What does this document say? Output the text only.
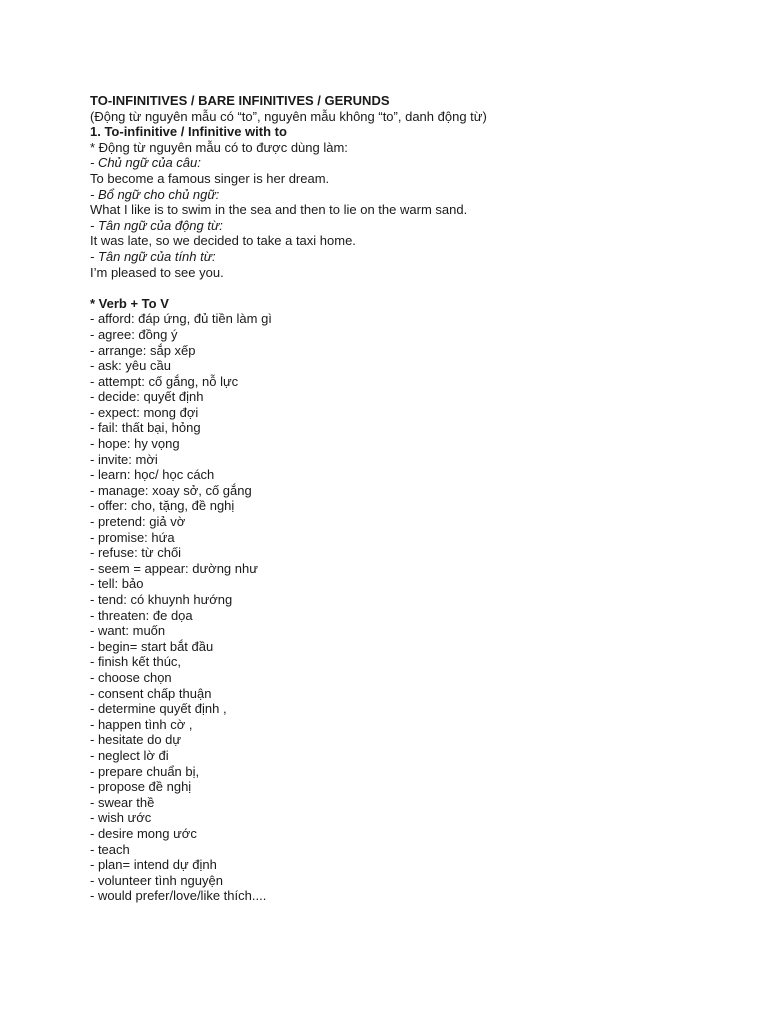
TO-INFINITIVES / BARE INFINITIVES / GERUNDS
(Động từ nguyên mẫu có “to”, nguyên mẫu không “to”, danh động từ)
1. To-infinitive / Infinitive with to
* Động từ nguyên mẫu có to được dùng làm:
- Chủ ngữ của câu:
To become a famous singer is her dream.
- Bổ ngữ cho chủ ngữ:
What I like is to swim in the sea and then to lie on the warm sand.
- Tân ngữ của động từ:
It was late, so we decided to take a taxi home.
- Tân ngữ của tính từ:
I’m pleased to see you.
* Verb + To V
- afford: đáp ứng, đủ tiền làm gì
- agree: đồng ý
- arrange: sắp xếp
- ask: yêu cầu
- attempt: cố gắng, nỗ lực
- decide: quyết định
- expect: mong đợi
- fail: thất bại, hỏng
- hope: hy vọng
- invite: mời
- learn: học/ học cách
- manage: xoay sở, cố gắng
- offer: cho, tặng, đề nghị
- pretend: giả vờ
- promise: hứa
- refuse: từ chối
- seem = appear: dường như
- tell: bảo
- tend: có khuynh hướng
- threaten: đe dọa
- want: muốn
- begin= start bắt đầu
- finish kết thúc,
- choose chọn
- consent chấp thuận
- determine quyết định ,
- happen tình cờ ,
- hesitate do dự
- neglect lờ đi
- prepare chuẩn bị,
- propose đề nghị
- swear thề
- wish ước
- desire mong ước
- teach
- plan= intend dự định
- volunteer tình nguyện
- would prefer/love/like thích....
